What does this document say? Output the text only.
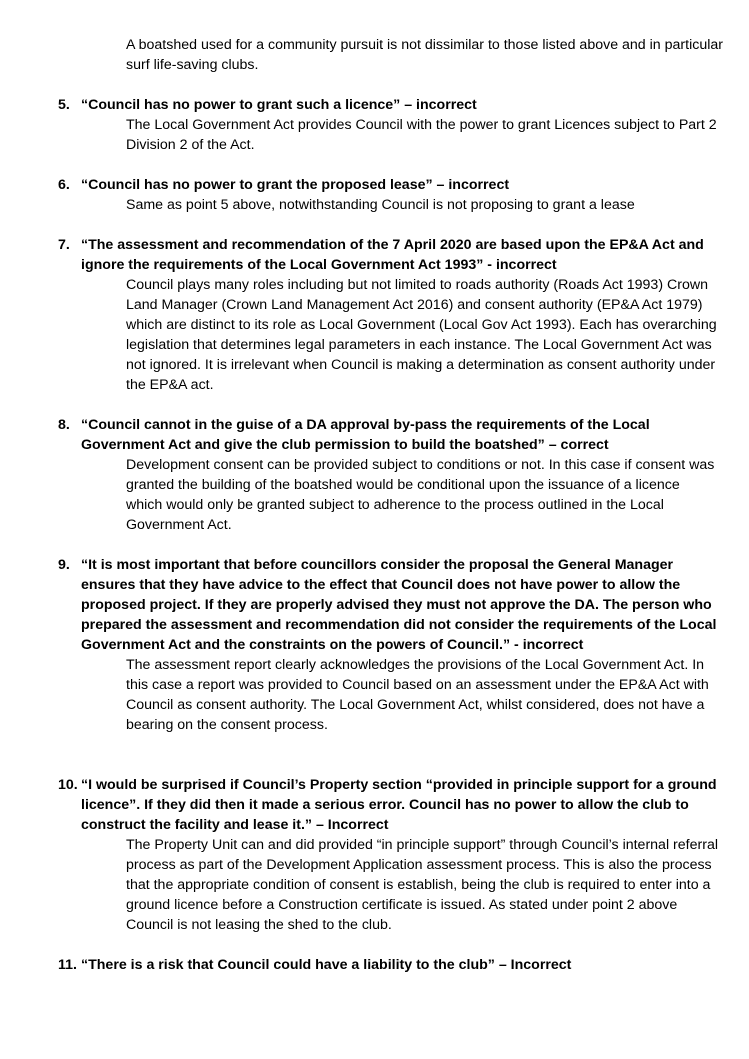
A boatshed used for a community pursuit is not dissimilar to those listed above and in particular surf life-saving clubs.

5. “Council has no power to grant such a licence” – incorrect

The Local Government Act provides Council with the power to grant Licences subject to Part 2 Division 2 of the Act.

6. “Council has no power to grant the proposed lease” – incorrect

Same as point 5 above, notwithstanding Council is not proposing to grant a lease

7. “The assessment and recommendation of the 7 April 2020 are based upon the EP&A Act and ignore the requirements of the Local Government Act 1993” - incorrect

Council plays many roles including but not limited to roads authority (Roads Act 1993) Crown Land Manager (Crown Land Management Act 2016) and consent authority (EP&A Act 1979) which are distinct to its role as Local Government (Local Gov Act 1993). Each has overarching legislation that determines legal parameters in each instance. The Local Government Act was not ignored. It is irrelevant when Council is making a determination as consent authority under the EP&A act.

8. “Council cannot in the guise of a DA approval by-pass the requirements of the Local Government Act and give the club permission to build the boatshed” – correct

Development consent can be provided subject to conditions or not. In this case if consent was granted the building of the boatshed would be conditional upon the issuance of a licence which would only be granted subject to adherence to the process outlined in the Local Government Act.

9. “It is most important that before councillors consider the proposal the General Manager ensures that they have advice to the effect that Council does not have power to allow the proposed project. If they are properly advised they must not approve the DA. The person who prepared the assessment and recommendation did not consider the requirements of the Local Government Act and the constraints on the powers of Council.” - incorrect

The assessment report clearly acknowledges the provisions of the Local Government Act. In this case a report was provided to Council based on an assessment under the EP&A Act with Council as consent authority. The Local Government Act, whilst considered, does not have a bearing on the consent process.

10. “I would be surprised if Council’s Property section “provided in principle support for a ground licence”. If they did then it made a serious error. Council has no power to allow the club to construct the facility and lease it.” – Incorrect

The Property Unit can and did provided “in principle support” through Council’s internal referral process as part of the Development Application assessment process. This is also the process that the appropriate condition of consent is establish, being the club is required to enter into a ground licence before a Construction certificate is issued. As stated under point 2 above Council is not leasing the shed to the club.

11. “There is a risk that Council could have a liability to the club” – Incorrect
